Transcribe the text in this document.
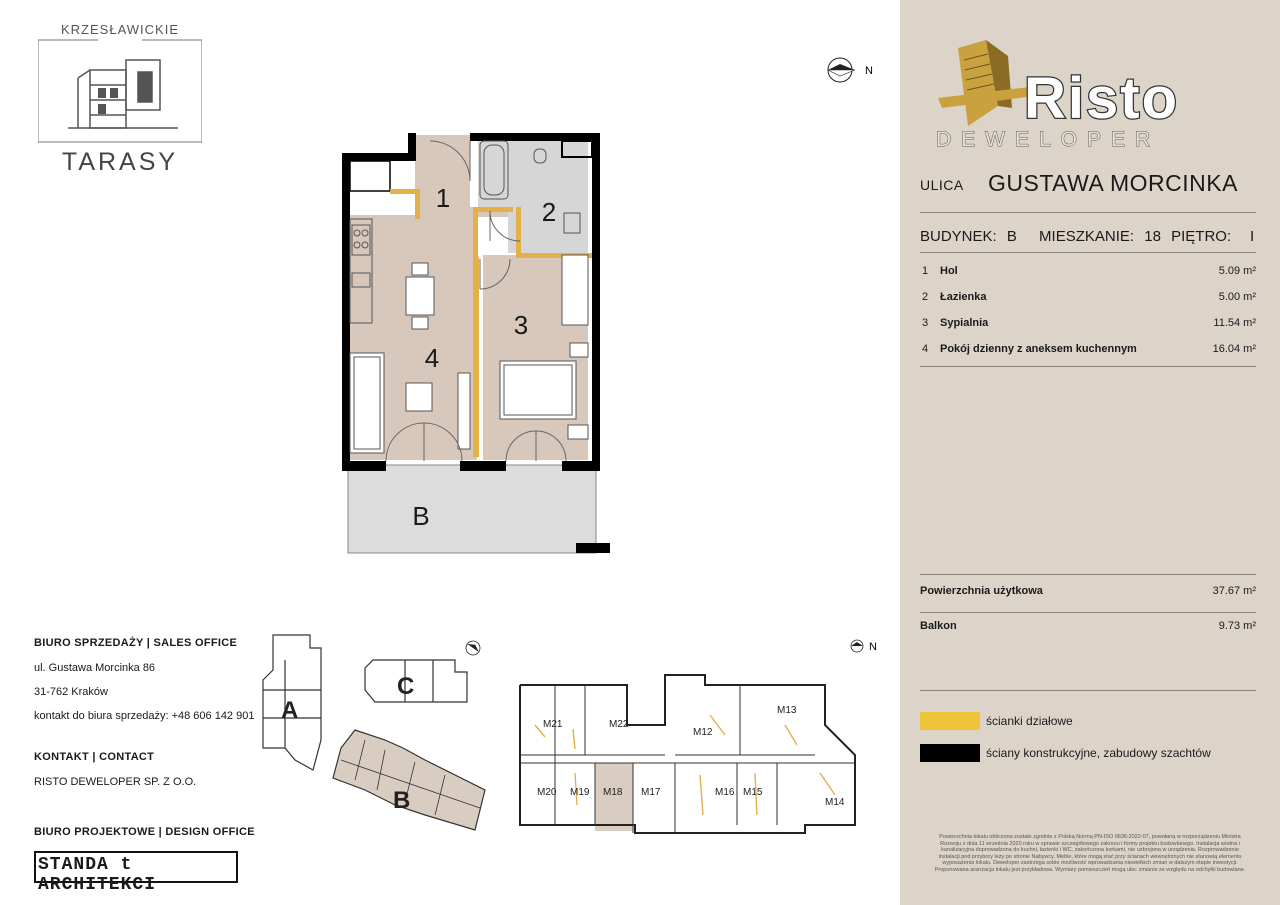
KRZESŁAWICKIE
TARASY
N
1	2
3
4
B
Risto
DEWELOPER
ULICA GUSTAWA MORCINKA
BUDYNEK: B MIESZKANIE: 18 PIĘTRO: I
1 Hol	5.09 m²
2 Łazienka	5.00 m²
3 Sypialnia	11.54 m²
4 Pokój dzienny z aneksem kuchennym	16.04 m²
Powierzchnia użytkowa	37.67 m²
Balkon	9.73 m²
ścianki działowe
ściany konstrukcyjne, zabudowy szachtów
Powierzchnia lokalu obliczona zostało zgodnie z Polską Normą PN-ISO 9836:2022-07, powołaną w rozporządzeniu Ministra Rozwoju z dnia 11 września 2020 roku w sprawie szczegółowego zakresu i formy projektu budowlanego. Instalacja wodna i kanalizacyjna doprowadzona do kuchni, łazienki i WC, zakończona korkami, nie uzbrojona w urządzenia. Rozprowadzenie instalacji pod przybory leży po stronie Nabywcy. Meble, które mogą stać przy ścianach wewnętrznych nie stanowią elementu wyposażenia lokalu. Deweloper zastrzega sobie możliwość wprowadzania niewielkich zmian w dalszym etapie inwestycji. Proponowana aranżacja lokalu jest przykładowa. Wymiary pomieszczeń mogą ulec zmianie ze względu na odchyłki budowlane.
BIURO SPRZEDAŻY | SALES OFFICE
ul. Gustawa Morcinka 86
31-762 Kraków
kontakt do biura sprzedaży: +48 606 142 901
KONTAKT | CONTACT
RISTO DEWELOPER SP. Z O.O.
BIURO PROJEKTOWE | DESIGN OFFICE
STANDA t ARCHITEKCI
A
C
B
N
M21	M22
M12
M13
M20 M19 M18 M17	M16 M15
M14
